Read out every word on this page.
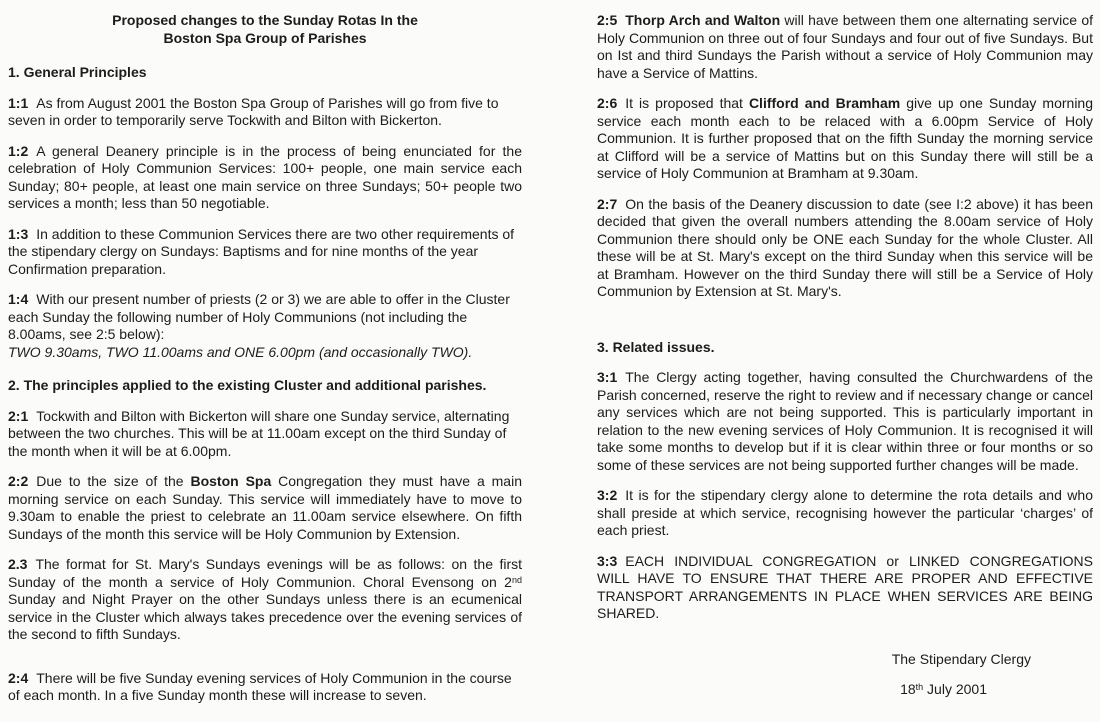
Proposed changes to the Sunday Rotas In the
Boston Spa Group of Parishes
1. General Principles
1:1 As from August 2001 the Boston Spa Group of Parishes will go from five to seven in order to temporarily serve Tockwith and Bilton with Bickerton.
1:2 A general Deanery principle is in the process of being enunciated for the celebration of Holy Communion Services: 100+ people, one main service each Sunday; 80+ people, at least one main service on three Sundays; 50+ people two services a month; less than 50 negotiable.
1:3 In addition to these Communion Services there are two other requirements of the stipendary clergy on Sundays: Baptisms and for nine months of the year Confirmation preparation.
1:4 With our present number of priests (2 or 3) we are able to offer in the Cluster each Sunday the following number of Holy Communions (not including the 8.00ams, see 2:5 below):
TWO 9.30ams, TWO 11.00ams and ONE 6.00pm (and occasionally TWO).
2. The principles applied to the existing Cluster and additional parishes.
2:1 Tockwith and Bilton with Bickerton will share one Sunday service, alternating between the two churches. This will be at 11.00am except on the third Sunday of the month when it will be at 6.00pm.
2:2 Due to the size of the Boston Spa Congregation they must have a main morning service on each Sunday. This service will immediately have to move to 9.30am to enable the priest to celebrate an 11.00am service elsewhere. On fifth Sundays of the month this service will be Holy Communion by Extension.
2.3 The format for St. Mary's Sundays evenings will be as follows: on the first Sunday of the month a service of Holy Communion. Choral Evensong on 2nd Sunday and Night Prayer on the other Sundays unless there is an ecumenical service in the Cluster which always takes precedence over the evening services of the second to fifth Sundays.
2:4 There will be five Sunday evening services of Holy Communion in the course of each month. In a five Sunday month these will increase to seven.
2:5 Thorp Arch and Walton will have between them one alternating service of Holy Communion on three out of four Sundays and four out of five Sundays. But on Ist and third Sundays the Parish without a service of Holy Communion may have a Service of Mattins.
2:6 It is proposed that Clifford and Bramham give up one Sunday morning service each month each to be relaced with a 6.00pm Service of Holy Communion. It is further proposed that on the fifth Sunday the morning service at Clifford will be a service of Mattins but on this Sunday there will still be a service of Holy Communion at Bramham at 9.30am.
2:7 On the basis of the Deanery discussion to date (see I:2 above) it has been decided that given the overall numbers attending the 8.00am service of Holy Communion there should only be ONE each Sunday for the whole Cluster. All these will be at St. Mary's except on the third Sunday when this service will be at Bramham. However on the third Sunday there will still be a Service of Holy Communion by Extension at St. Mary's.
3. Related issues.
3:1 The Clergy acting together, having consulted the Churchwardens of the Parish concerned, reserve the right to review and if necessary change or cancel any services which are not being supported. This is particularly important in relation to the new evening services of Holy Communion. It is recognised it will take some months to develop but if it is clear within three or four months or so some of these services are not being supported further changes will be made.
3:2 It is for the stipendary clergy alone to determine the rota details and who shall preside at which service, recognising however the particular ‘charges’ of each priest.
3:3 EACH INDIVIDUAL CONGREGATION or LINKED CONGREGATIONS WILL HAVE TO ENSURE THAT THERE ARE PROPER AND EFFECTIVE TRANSPORT ARRANGEMENTS IN PLACE WHEN SERVICES ARE BEING SHARED.
The Stipendary Clergy
18th July 2001
